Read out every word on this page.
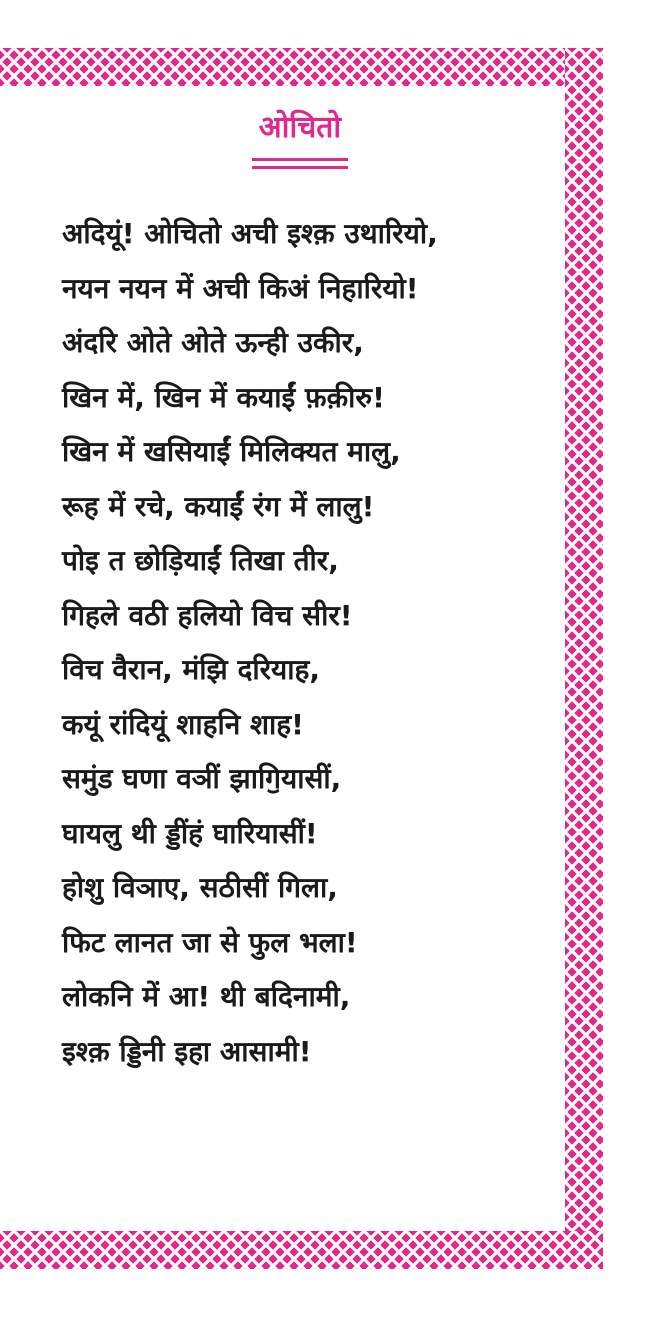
ओचितो
अदियूं! ओचितो अची इश्क़ उथारियो,
नयन नयन में अची किअं निहारियो!
अंदरि ओते ओते ऊन्ही उकीर,
खिन में, खिन में कयाईं फ़क़ीरु!
खिन में खसियाईं मिलिक्यत मालु,
रूह में रचे, कयाईं रंग में लालु!
पोइ त छोड़ियाईं तिखा तीर,
गिहले वठी हलियो विच सीर!
विच वैरान, मंझि दरियाह,
कयूं रांदियूं शाहनि शाह!
समुंड घणा वञीं झागॖियासीं,
घायलु थी ड्डींहं घारियासीं!
होशु विञाए, सठीसीं गिला,
फिट लानत जा से फुल भला!
लोकनि में आ! थी बदिनामी,
इश्क़ ड्डिनी इहा आसामी!
